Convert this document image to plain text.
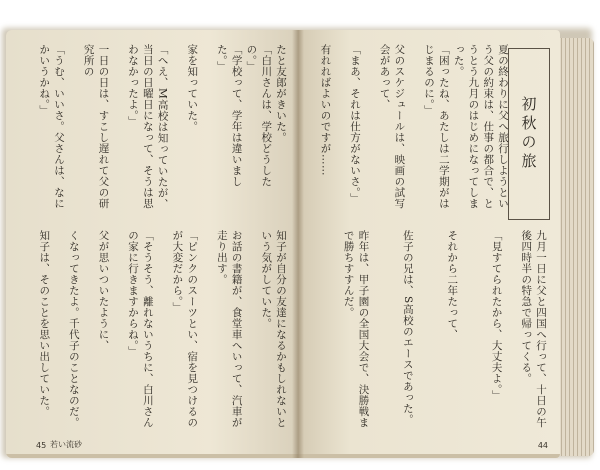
たと友郎がきいた。
「白川さんは、学校どうしたの。」
「学校って、学年は違いました。」

家を知っていた。

「へえ、M高校は知っていたが、当日の日曜日になって、そうは思わなかったよ。」

一日の日は、すこし遅れて父の研究所の

「うむ、いいさ。父さんは、なにかいうかね。」
知子が自分の友達になるかもしれないという気がしていた。

お話の書籍が、食堂車へいって、汽車が走り出す。

「ピンクのスーツとい、宿を見つけるのが大変だから。」

「そうそう、離れないうちに、白川さんの家に行きますからね。」

父が思いついたように、

くなってきたよ。千代子のことなのだ。

知子は、そのことを思い出していた。
45 若い流砂
初秋の旅
夏の終わりに父へ旅行しようという父の約束は、仕事の都合で、とうとう九月のはじめになってしまった。
「困ったね、あたしは二学期がはじまるのに。」

父のスケジュールは、映画の試写会があって、

「まあ、それは仕方がないさ。」

有れればよいのですが……
九月一日に父と四国へ行って、十日の午後四時半の特急で帰ってくる。

「見すてられたから、大丈夫よ。」

それから二年たって、

佐子の兄は、S高校のエースであった。

昨年は、甲子園の全国大会で、決勝戦まで勝ちすすんだ。
44
